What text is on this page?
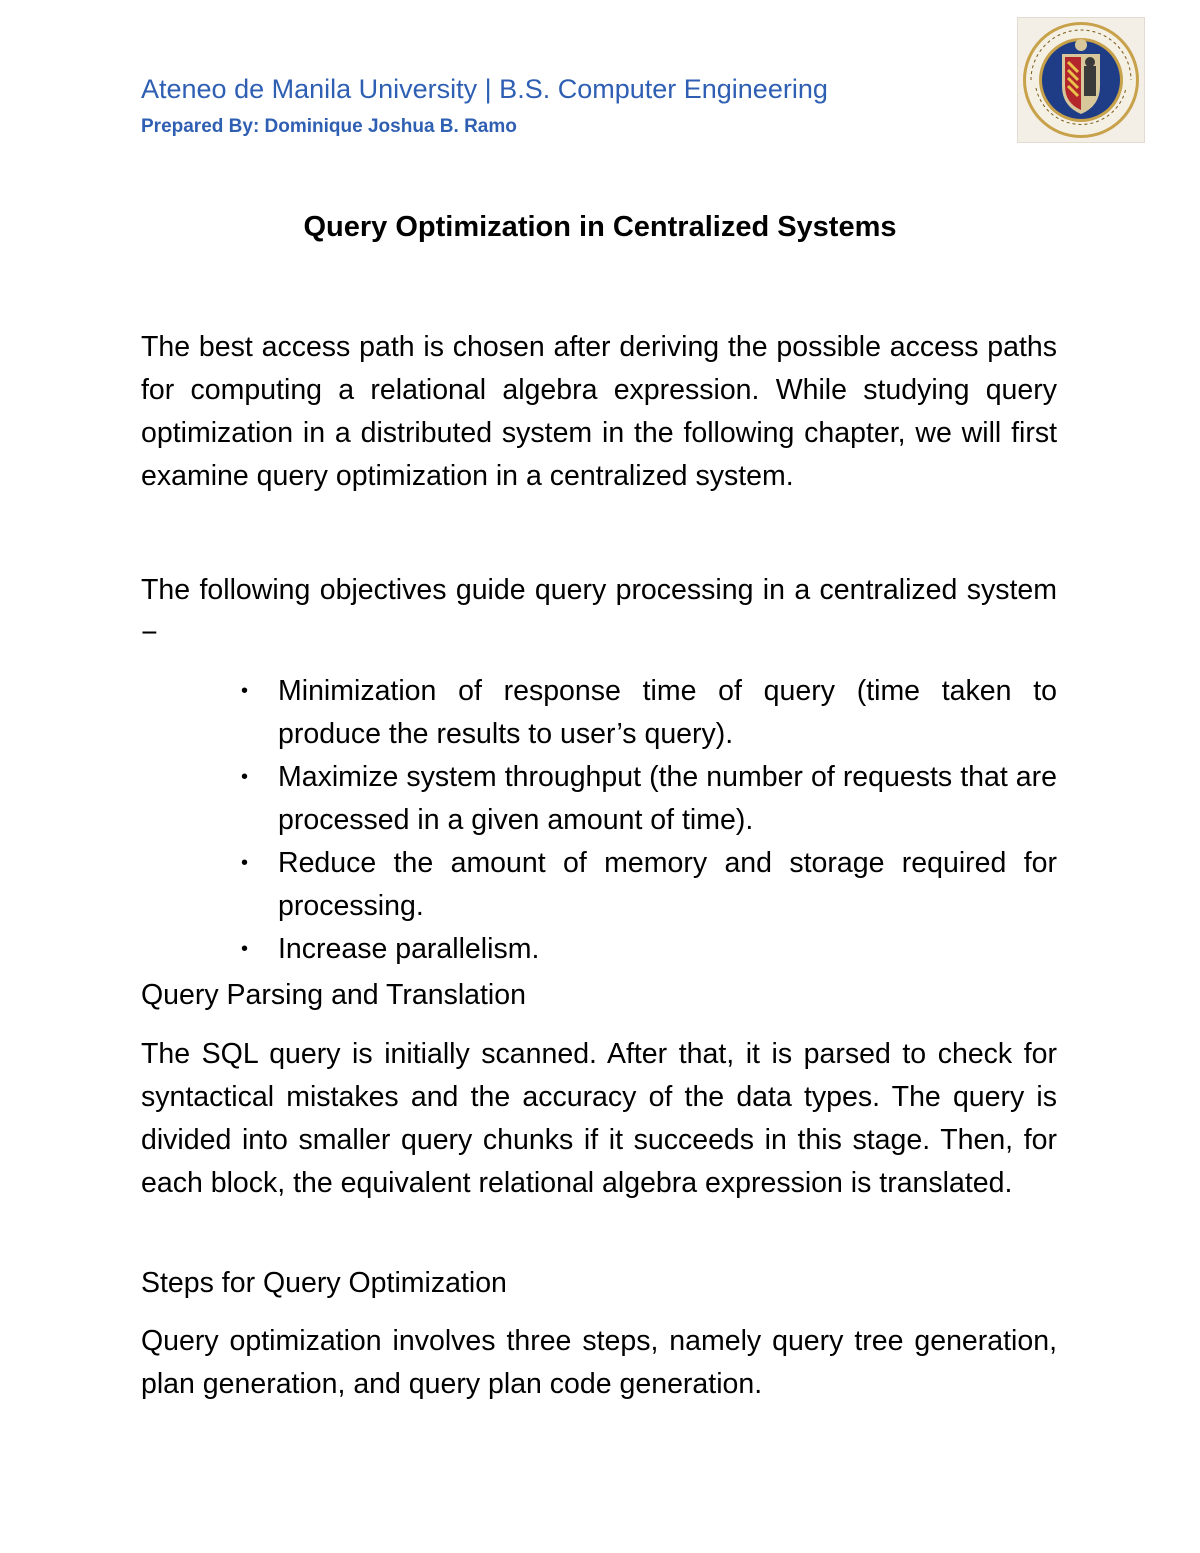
Ateneo de Manila University | B.S. Computer Engineering
Prepared By: Dominique Joshua B. Ramo
Query Optimization in Centralized Systems

The best access path is chosen after deriving the possible access paths for computing a relational algebra expression. While studying query optimization in a distributed system in the following chapter, we will first examine query optimization in a centralized system.

The following objectives guide query processing in a centralized system −

• Minimization of response time of query (time taken to produce the results to user’s query).
• Maximize system throughput (the number of requests that are processed in a given amount of time).
• Reduce the amount of memory and storage required for processing.
• Increase parallelism.
Query Parsing and Translation

The SQL query is initially scanned. After that, it is parsed to check for syntactical mistakes and the accuracy of the data types. The query is divided into smaller query chunks if it succeeds in this stage. Then, for each block, the equivalent relational algebra expression is translated.

Steps for Query Optimization

Query optimization involves three steps, namely query tree generation, plan generation, and query plan code generation.
